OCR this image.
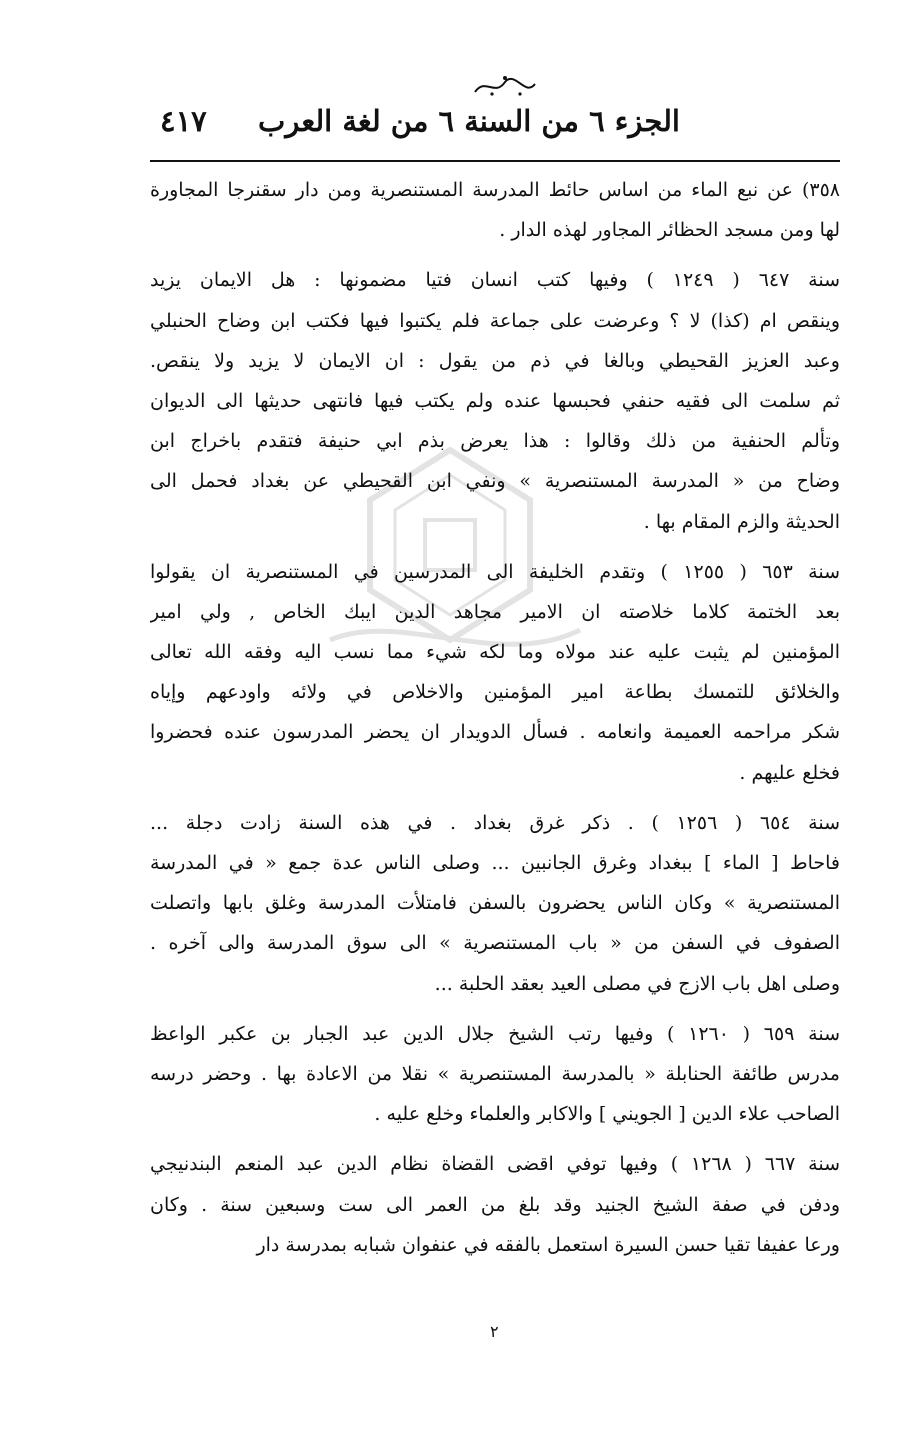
الجزء ٦ من السنة ٦ من لغة العرب
٤١٧
٣٥٨) عن نبع الماء من اساس حائط المدرسة المستنصرية ومن دار سقنرجا المجاورة
لها ومن مسجد الحظائر المجاور لهذه الدار .
سنة ٦٤٧ ( ١٢٤٩ ) وفيها كتب انسان فتيا مضمونها : هل الايمان يزيد
وينقص ام (كذا) لا ؟ وعرضت على جماعة فلم يكتبوا فيها فكتب ابن وضاح الحنبلي
وعبد العزيز القحيطي وبالغا في ذم من يقول : ان الايمان لا يزيد ولا ينقص.
ثم سلمت الى فقيه حنفي فحبسها عنده ولم يكتب فيها فانتهى حديثها الى الديوان
وتألم الحنفية من ذلك وقالوا : هذا يعرض بذم ابي حنيفة فتقدم باخراج ابن
وضاح من « المدرسة المستنصرية » ونفي ابن القحيطي عن بغداد فحمل الى
الحديثة والزم المقام بها .
سنة ٦٥٣ ( ١٢٥٥ ) وتقدم الخليفة الى المدرسين في المستنصرية ان يقولوا
بعد الختمة كلاما خلاصته ان الامير مجاهد الدين ايبك الخاص , ولي امير
المؤمنين لم يثبت عليه عند مولاه وما لكه شيء مما نسب اليه وفقه الله تعالى
والخلائق للتمسك بطاعة امير المؤمنين والاخلاص في ولائه واودعهم وإياه
شكر مراحمه العميمة وانعامه . فسأل الدويدار ان يحضر المدرسون عنده فحضروا
فخلع عليهم .
سنة ٦٥٤ ( ١٢٥٦ ) . ذكر غرق بغداد . في هذه السنة زادت دجلة ...
فاحاط [ الماء ] ببغداد وغرق الجانبين ... وصلى الناس عدة جمع « في المدرسة
المستنصرية » وكان الناس يحضرون بالسفن فامتلأت المدرسة وغلق بابها واتصلت
الصفوف في السفن من « باب المستنصرية » الى سوق المدرسة والى آخره .
وصلى اهل باب الازج في مصلى العيد بعقد الحلبة ...
سنة ٦٥٩ ( ١٢٦٠ ) وفيها رتب الشيخ جلال الدين عبد الجبار بن عكبر الواعظ
مدرس طائفة الحنابلة « بالمدرسة المستنصرية » نقلا من الاعادة بها . وحضر درسه
الصاحب علاء الدين [ الجويني ] والاكابر والعلماء وخلع عليه .
سنة ٦٦٧ ( ١٢٦٨ ) وفيها توفي اقضى القضاة نظام الدين عبد المنعم البندنيجي
ودفن في صفة الشيخ الجنيد وقد بلغ من العمر الى ست وسبعين سنة . وكان
ورعا عفيفا تقيا حسن السيرة استعمل بالفقه في عنفوان شبابه بمدرسة دار
٢
